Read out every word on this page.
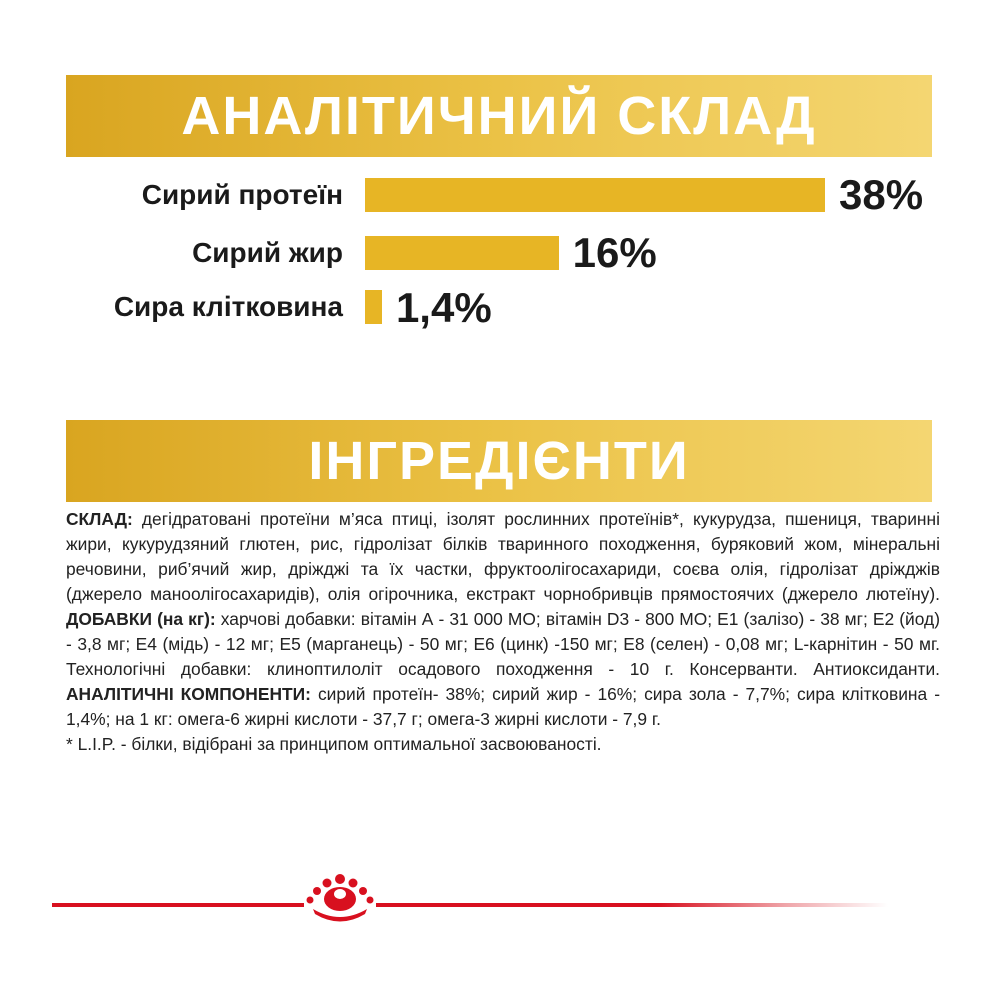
АНАЛІТИЧНИЙ СКЛАД
Сирий протеїн	38%
Сирий жир	16%
Сира клітковина 1,4%
ІНГРЕДІЄНТИ
СКЛАД: дегідратовані протеїни м’яса птиці, ізолят рослинних протеїнів*, кукурудза, пшениця, тваринні жири, кукурудзяний глютен, рис, гідролізат білків тваринного походження, буряковий жом, мінеральні речовини, риб’ячий жир, дріжджі та їх частки, фруктоолігосахариди, соєва олія, гідролізат дріжджів (джерело маноолігосахаридів), олія огірочника, екстракт чорнобривців прямостоячих (джерело лютеїну). ДОБАВКИ (на кг): харчові добавки: вітамін А - 31 000 МО; вітамін D3 - 800 МО; Е1 (залізо) - 38 мг; Е2 (йод) - 3,8 мг; Е4 (мідь) - 12 мг; Е5 (марганець) - 50 мг; Е6 (цинк) -150 мг; Е8 (селен) - 0,08 мг; L-карнітин - 50 мг. Технологічні добавки: клиноптилоліт осадового походження - 10 г. Консерванти. Антиоксиданти. АНАЛІТИЧНІ КОМПОНЕНТИ: сирий протеїн- 38%; сирий жир - 16%; сира зола - 7,7%; сира клітковина - 1,4%; на 1 кг: омега-6 жирні кислоти - 37,7 г; омега-3 жирні кислоти - 7,9 г.
* L.I.P. - білки, відібрані за принципом оптимальної засвоюваності.
